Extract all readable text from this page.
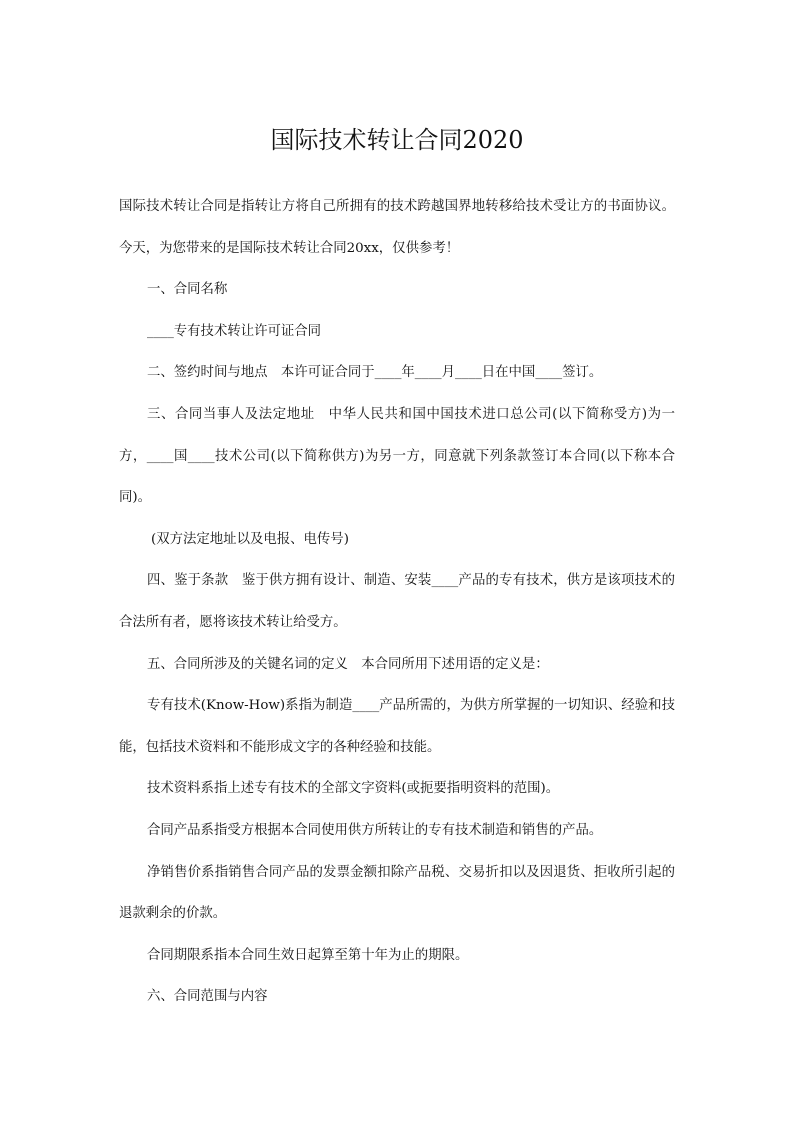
国际技术转让合同2020

国际技术转让合同是指转让方将自己所拥有的技术跨越国界地转移给技术受让方的书面协议。今天，为您带来的是国际技术转让合同20xx，仅供参考！

一、合同名称

____专有技术转让许可证合同

二、签约时间与地点　本许可证合同于____年____月____日在中国____签订。

三、合同当事人及法定地址　中华人民共和国中国技术进口总公司(以下简称受方)为一方，____国____技术公司(以下简称供方)为另一方，同意就下列条款签订本合同(以下称本合同)。

(双方法定地址以及电报、电传号)

四、鉴于条款　鉴于供方拥有设计、制造、安装____产品的专有技术，供方是该项技术的合法所有者，愿将该技术转让给受方。

五、合同所涉及的关键名词的定义　本合同所用下述用语的定义是：

专有技术(Know-How)系指为制造____产品所需的，为供方所掌握的一切知识、经验和技能，包括技术资料和不能形成文字的各种经验和技能。

技术资料系指上述专有技术的全部文字资料(或扼要指明资料的范围)。

合同产品系指受方根据本合同使用供方所转让的专有技术制造和销售的产品。

净销售价系指销售合同产品的发票金额扣除产品税、交易折扣以及因退货、拒收所引起的退款剩余的价款。

合同期限系指本合同生效日起算至第十年为止的期限。

六、合同范围与内容
